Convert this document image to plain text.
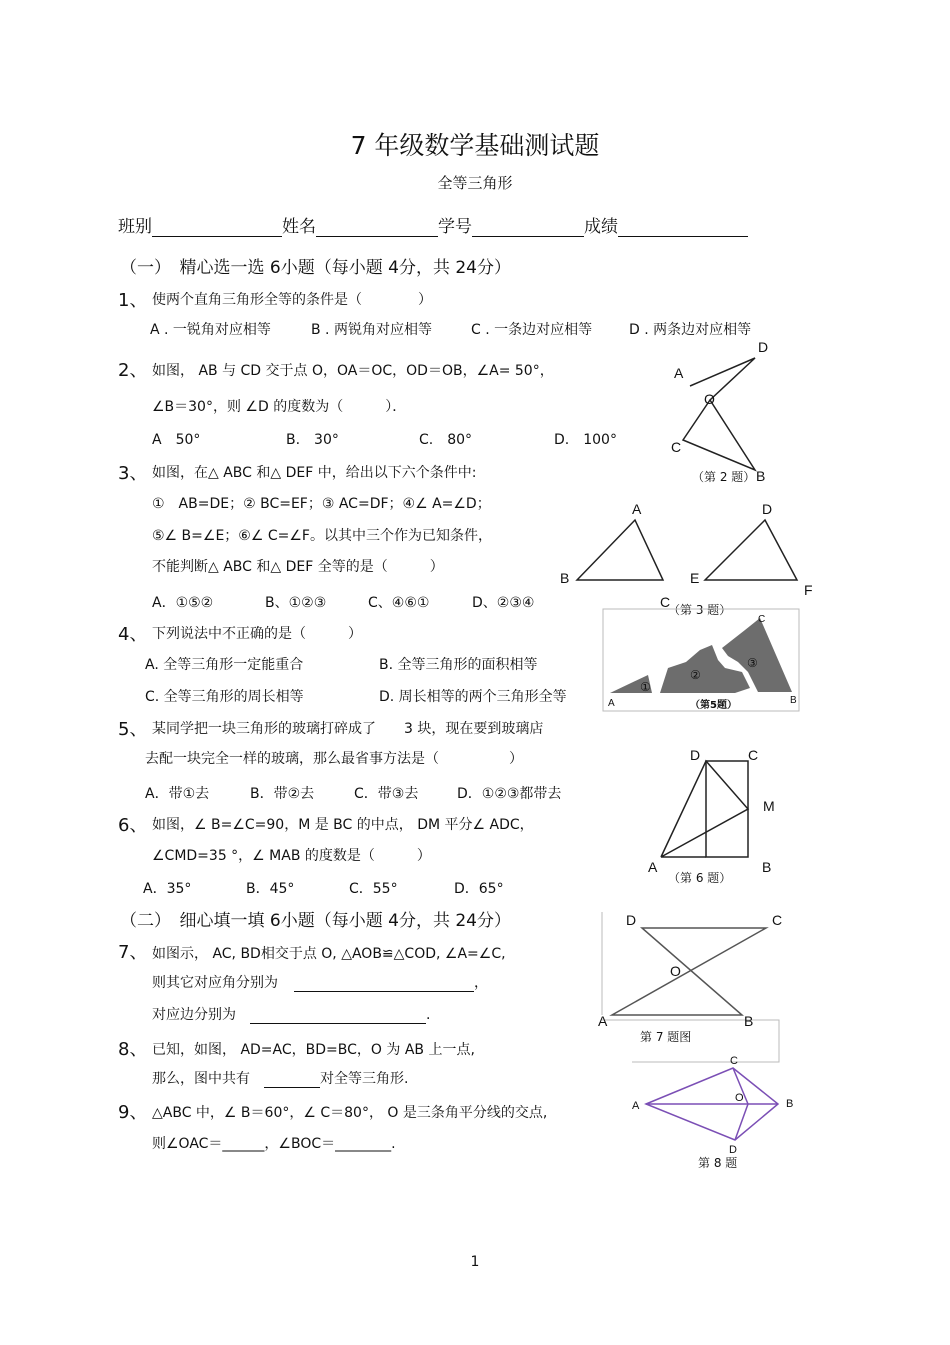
7 年级数学基础测试题
全等三角形
班别	姓名	学号	成绩
（一）　精心选一选 6小题（每小题 4分，共 24分）
1、 使两个直角三角形全等的条件是（　　　　）
A . 一锐角对应相等	B . 两锐角对应相等	C . 一条边对应相等	D . 两条边对应相等
2、 如图， AB 与 CD 交于点 O，OA＝OC，OD＝OB，∠A= 50°，
∠B＝30°，则 ∠D 的度数为（　　　）．
A　50°	B.　30°	C.　80°	D.　100°
3、 如图，在△ ABC 和△ DEF 中，给出以下六个条件中:
①　AB=DE；② BC=EF；③ AC=DF；④∠ A=∠D；
⑤∠ B=∠E；⑥∠ C=∠F。以其中三个作为已知条件，
不能判断△ ABC 和△ DEF 全等的是（　　　）
A．①⑤②	B、①②③	C、④⑥①	D、②③④
4、 下列说法中不正确的是（　　　）
A. 全等三角形一定能重合	B. 全等三角形的面积相等
C. 全等三角形的周长相等	D. 周长相等的两个三角形全等
5、 某同学把一块三角形的玻璃打碎成了　　3 块，现在要到玻璃店
去配一块完全一样的玻璃，那么最省事方法是（　　　　　）
A．带①去	B．带②去	C．带③去	D．①②③都带去
6、 如图，∠ B=∠C=90，M 是 BC 的中点， DM 平分∠ ADC，
∠CMD=35 °，∠ MAB 的度数是（　　　）
A．35°	B．45°	C．55°	D．65°
（二）　细心填一填 6小题（每小题 4分，共 24分）
7、 如图示， AC, BD相交于点 O, △AOB≌△COD, ∠A=∠C,
则其它对应角分别为	，
对应边分别为	.
8、 已知，如图， AD=AC，BD=BC，O 为 AB 上一点,
那么，图中共有	对全等三角形.
9、 △ABC 中，∠ B＝60°，∠ C＝80°， O 是三条角平分线的交点,
则∠OAC＝______，∠BOC＝________.
1
D
A
O
C
B
（第 2 题）
A
B
C
D
E
F
（第 3 题）
①
②
③
A	B
C
（第5题）
D	C
M
A	B
（第 6 题）
D	C
O
A	B
第 7 题图
C
A
O	B
D
第 8 题
